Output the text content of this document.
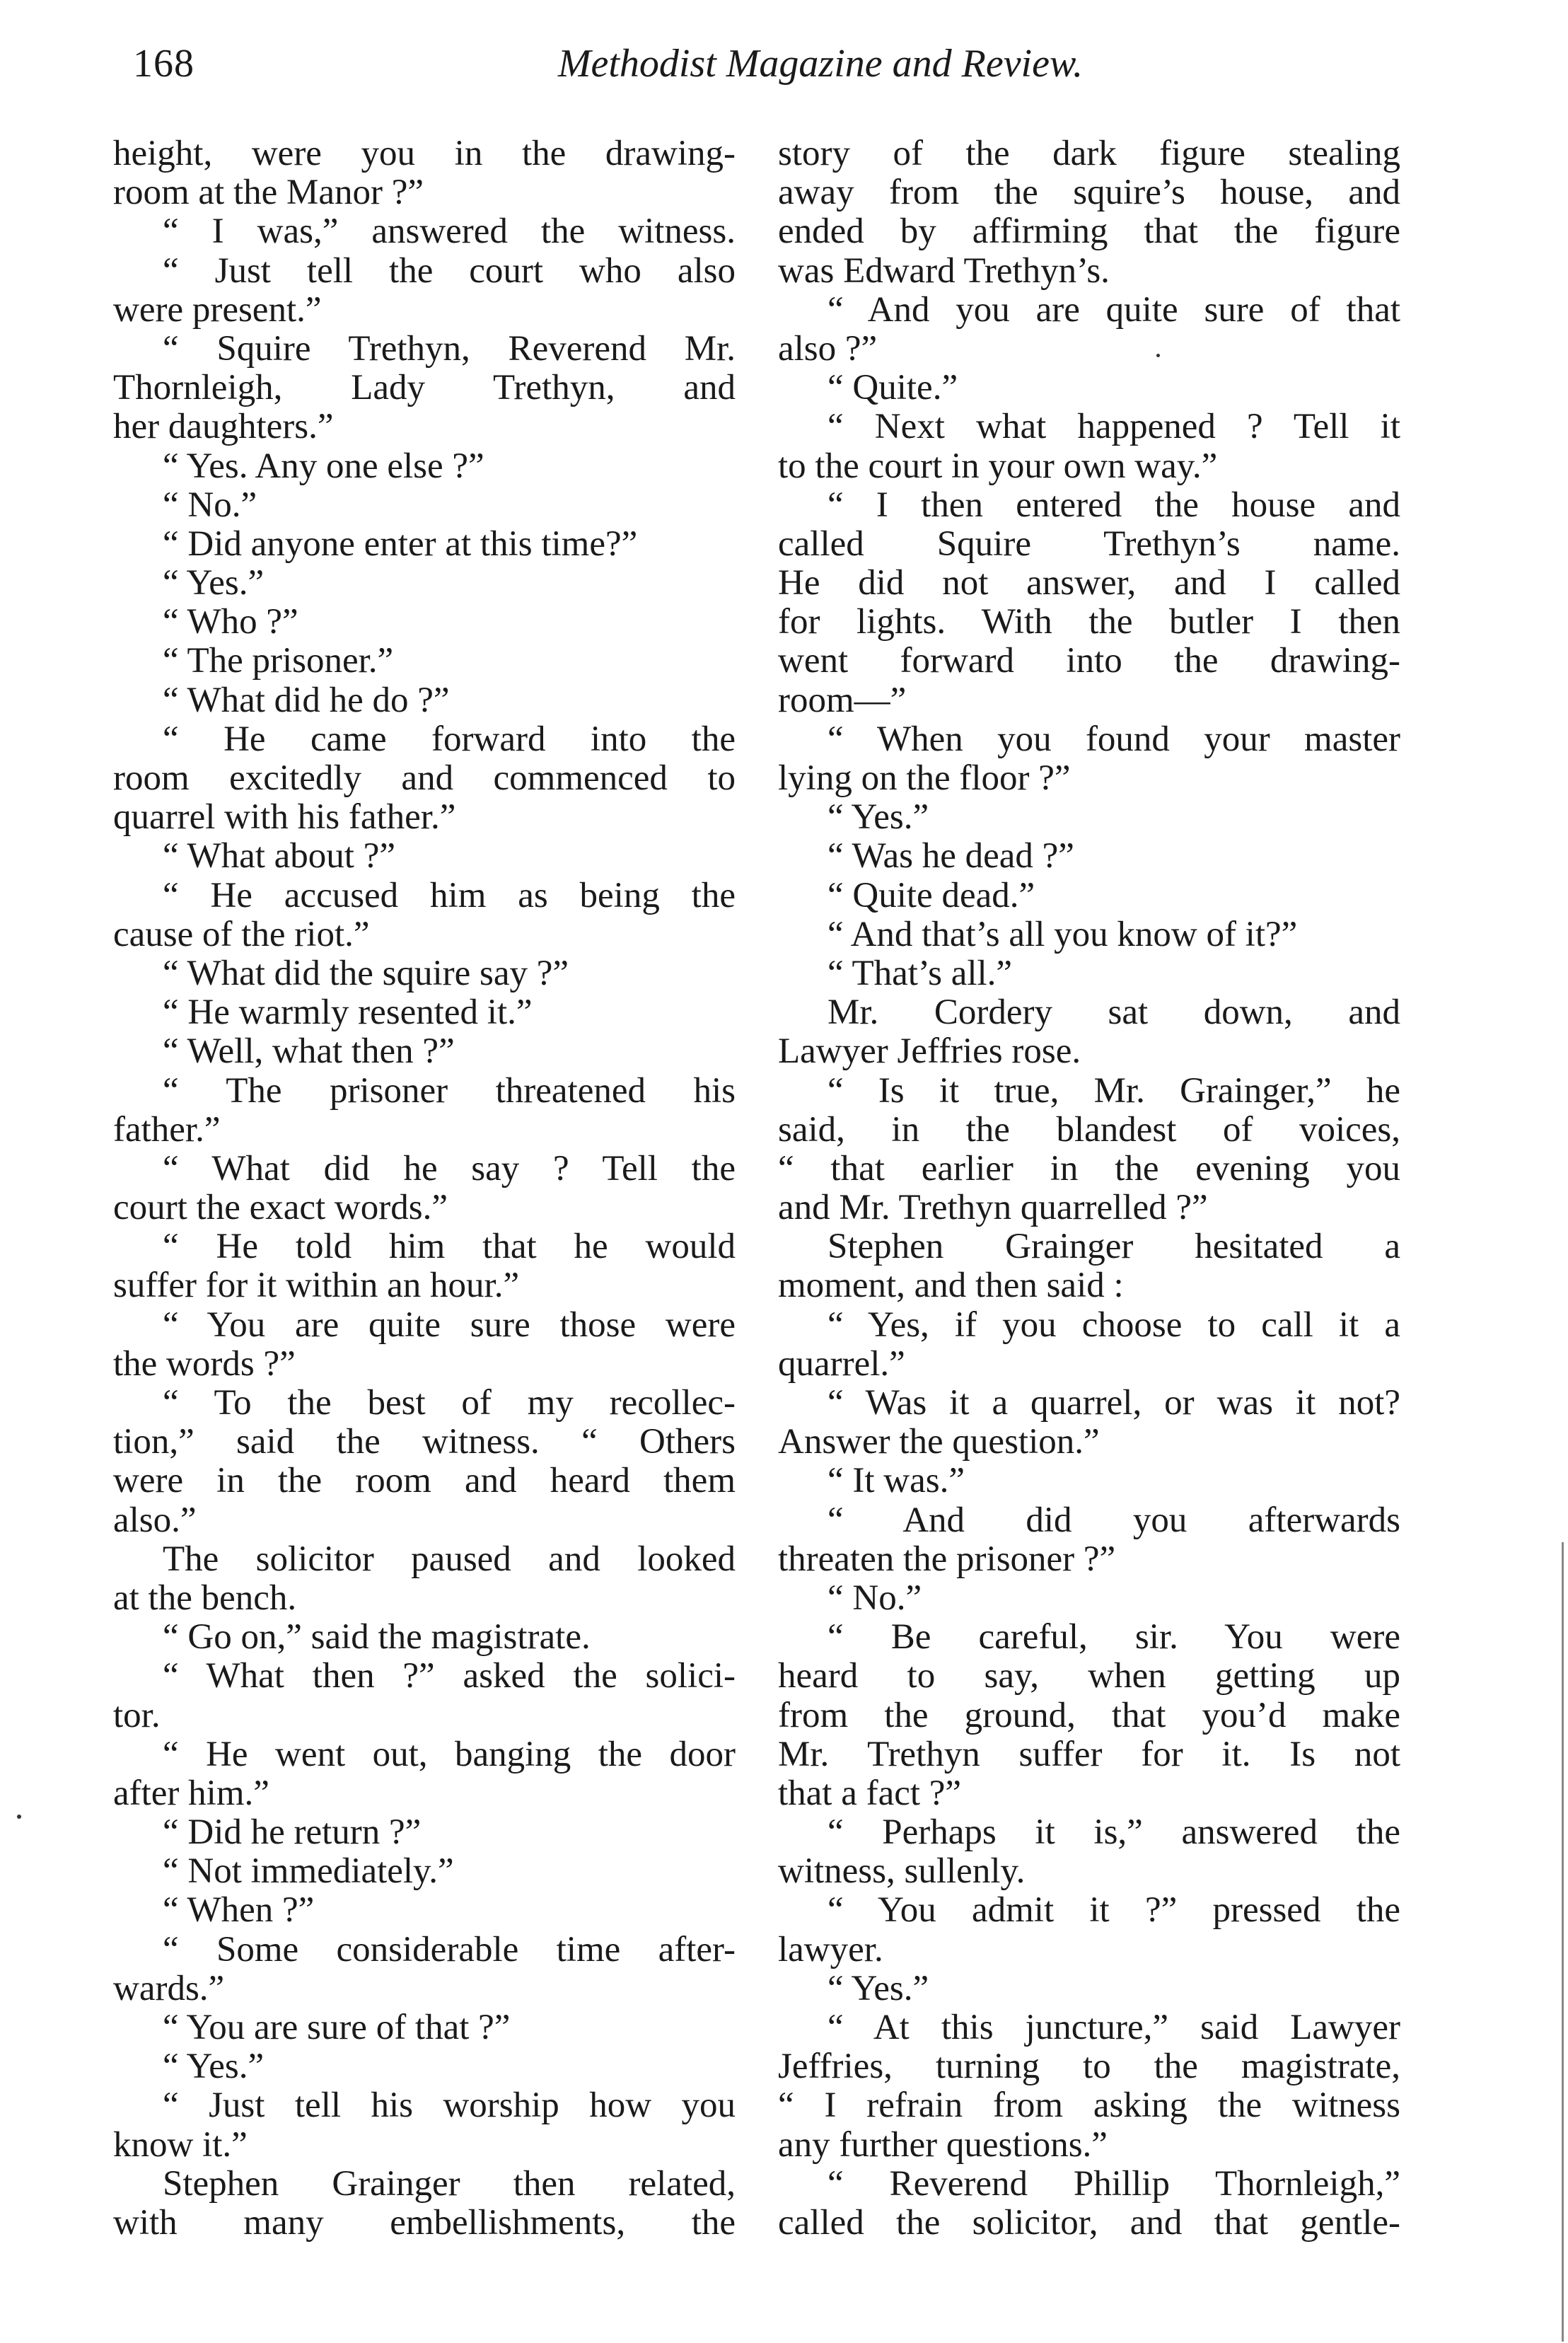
168	Methodist Magazine and Review.
height, were you in the drawing-
room at the Manor ?”
“ I was,” answered the witness.
“ Just tell the court who also
were present.”
“ Squire Trethyn, Reverend Mr.
Thornleigh, Lady Trethyn, and
her daughters.”
“ Yes. Any one else ?”
“ No.”
“ Did anyone enter at this time?”
“ Yes.”
“ Who ?”
“ The prisoner.”
“ What did he do ?”
“ He came forward into the
room excitedly and commenced to
quarrel with his father.”
“ What about ?”
“ He accused him as being the
cause of the riot.”
“ What did the squire say ?”
“ He warmly resented it.”
“ Well, what then ?”
“ The prisoner threatened his
father.”
“ What did he say ? Tell the
court the exact words.”
“ He told him that he would
suffer for it within an hour.”
“ You are quite sure those were
the words ?”
“ To the best of my recollec-
tion,” said the witness. “ Others
were in the room and heard them
also.”
The solicitor paused and looked
at the bench.
“ Go on,” said the magistrate.
“ What then ?” asked the solici-
tor.
“ He went out, banging the door
after him.”
“ Did he return ?”
“ Not immediately.”
“ When ?”
“ Some considerable time after-
wards.”
“ You are sure of that ?”
“ Yes.”
“ Just tell his worship how you
know it.”
Stephen Grainger then related,
with many embellishments, the
story of the dark figure stealing
away from the squire’s house, and
ended by affirming that the figure
was Edward Trethyn’s.
“ And you are quite sure of that
also ?”
“ Quite.”
“ Next what happened ? Tell it
to the court in your own way.”
“ I then entered the house and
called Squire Trethyn’s name.
He did not answer, and I called
for lights. With the butler I then
went forward into the drawing-
room—”
“ When you found your master
lying on the floor ?”
“ Yes.”
“ Was he dead ?”
“ Quite dead.”
“ And that’s all you know of it?”
“ That’s all.”
Mr. Cordery sat down, and
Lawyer Jeffries rose.
“ Is it true, Mr. Grainger,” he
said, in the blandest of voices,
“ that earlier in the evening you
and Mr. Trethyn quarrelled ?”
Stephen Grainger hesitated a
moment, and then said :
“ Yes, if you choose to call it a
quarrel.”
“ Was it a quarrel, or was it not?
Answer the question.”
“ It was.”
“ And did you afterwards
threaten the prisoner ?”
“ No.”
“ Be careful, sir. You were
heard to say, when getting up
from the ground, that you’d make
Mr. Trethyn suffer for it. Is not
that a fact ?”
“ Perhaps it is,” answered the
witness, sullenly.
“ You admit it ?” pressed the
lawyer.
“ Yes.”
“ At this juncture,” said Lawyer
Jeffries, turning to the magistrate,
“ I refrain from asking the witness
any further questions.”
“ Reverend Phillip Thornleigh,”
called the solicitor, and that gentle-
